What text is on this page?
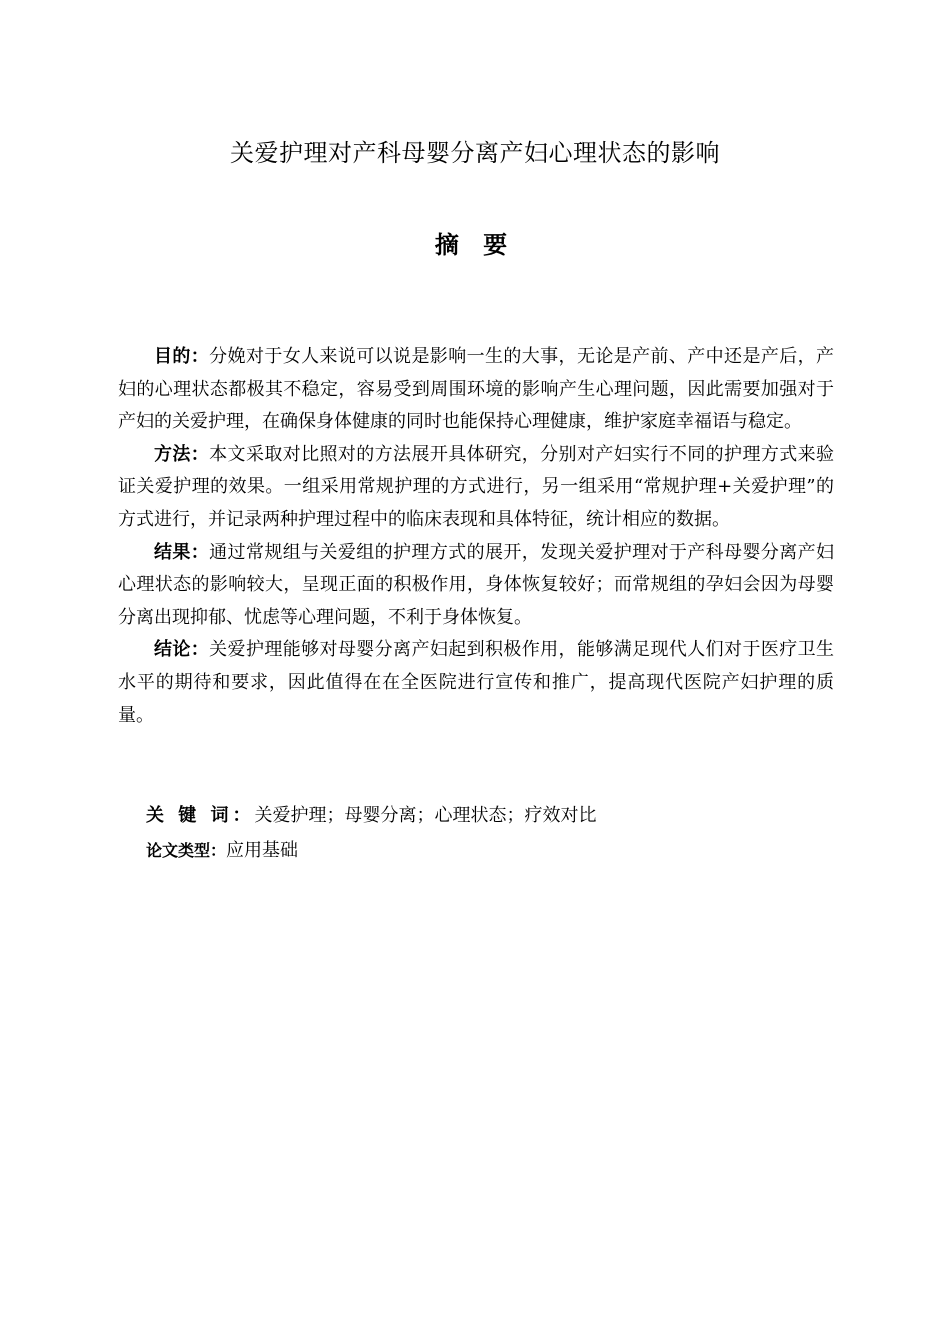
关爱护理对产科母婴分离产妇心理状态的影响
摘 要

目的：分娩对于女人来说可以说是影响一生的大事，无论是产前、产中还是产后，产妇的心理状态都极其不稳定，容易受到周围环境的影响产生心理问题，因此需要加强对于产妇的关爱护理，在确保身体健康的同时也能保持心理健康，维护家庭幸福语与稳定。

方法：本文采取对比照对的方法展开具体研究，分别对产妇实行不同的护理方式来验证关爱护理的效果。一组采用常规护理的方式进行，另一组采用“常规护理+关爱护理”的方式进行，并记录两种护理过程中的临床表现和具体特征，统计相应的数据。

结果：通过常规组与关爱组的护理方式的展开，发现关爱护理对于产科母婴分离产妇心理状态的影响较大，呈现正面的积极作用，身体恢复较好；而常规组的孕妇会因为母婴分离出现抑郁、忧虑等心理问题，不利于身体恢复。

结论：关爱护理能够对母婴分离产妇起到积极作用，能够满足现代人们对于医疗卫生水平的期待和要求，因此值得在在全医院进行宣传和推广，提高现代医院产妇护理的质量。

关 键 词：关爱护理；母婴分离；心理状态；疗效对比
论文类型：应用基础
